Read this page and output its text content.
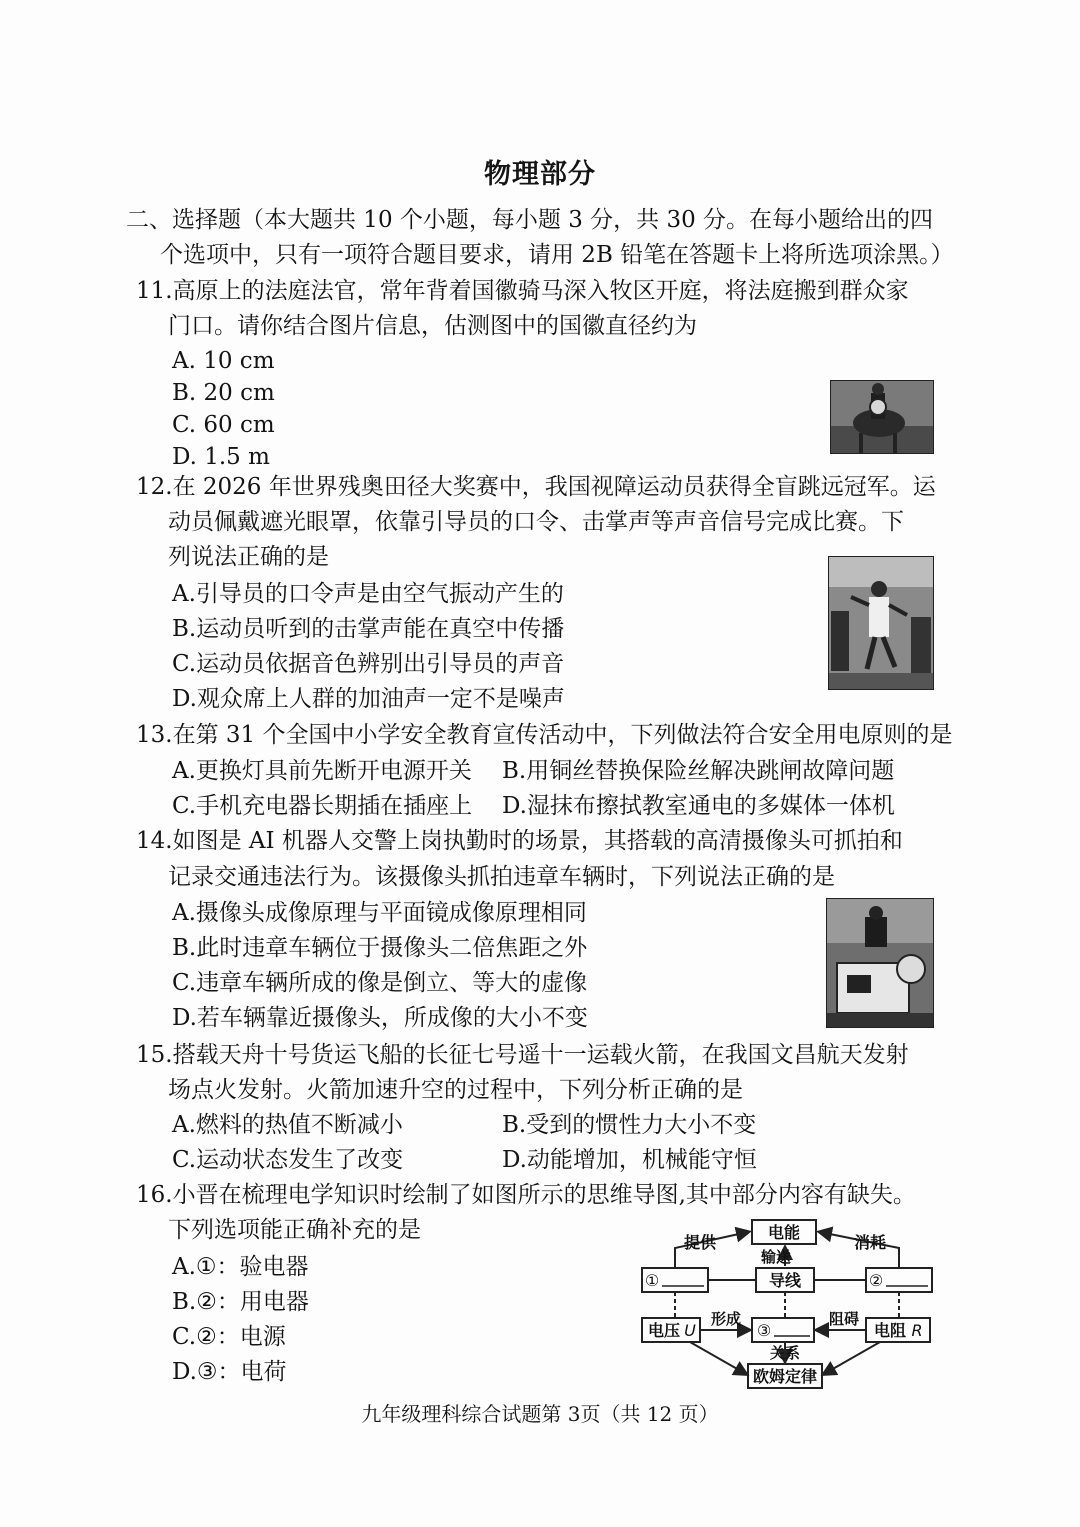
物理部分
二、选择题（本大题共 10 个小题，每小题 3 分，共 30 分。在每小题给出的四
个选项中，只有一项符合题目要求，请用 2B 铅笔在答题卡上将所选项涂黑。）
11.高原上的法庭法官，常年背着国徽骑马深入牧区开庭，将法庭搬到群众家
门口。请你结合图片信息，估测图中的国徽直径约为
A. 10 cm
B. 20 cm
C. 60 cm
D. 1.5 m
12.在 2026 年世界残奥田径大奖赛中，我国视障运动员获得全盲跳远冠军。运
动员佩戴遮光眼罩，依靠引导员的口令、击掌声等声音信号完成比赛。下
列说法正确的是
A.引导员的口令声是由空气振动产生的
B.运动员听到的击掌声能在真空中传播
C.运动员依据音色辨别出引导员的声音
D.观众席上人群的加油声一定不是噪声
13.在第 31 个全国中小学安全教育宣传活动中，下列做法符合安全用电原则的是
A.更换灯具前先断开电源开关 B.用铜丝替换保险丝解决跳闸故障问题
C.手机充电器长期插在插座上 D.湿抹布擦拭教室通电的多媒体一体机
14.如图是 AI 机器人交警上岗执勤时的场景，其搭载的高清摄像头可抓拍和
记录交通违法行为。该摄像头抓拍违章车辆时，下列说法正确的是
A.摄像头成像原理与平面镜成像原理相同
B.此时违章车辆位于摄像头二倍焦距之外
C.违章车辆所成的像是倒立、等大的虚像
D.若车辆靠近摄像头，所成像的大小不变
15.搭载天舟十号货运飞船的长征七号遥十一运载火箭，在我国文昌航天发射
场点火发射。火箭加速升空的过程中，下列分析正确的是
A.燃料的热值不断减小	B.受到的惯性力大小不变
C.运动状态发生了改变	D.动能增加，机械能守恒
16.小晋在梳理电学知识时绘制了如图所示的思维导图,其中部分内容有缺失。
下列选项能正确补充的是
A.①：验电器
B.②：用电器
C.②：电源
D.③：电荷
电能
输送
导线
提供	消耗
①	②
③
电压 U	电阻 R
形成	阻碍
关系
欧姆定律
九年级理科综合试题第 3页（共 12 页）
